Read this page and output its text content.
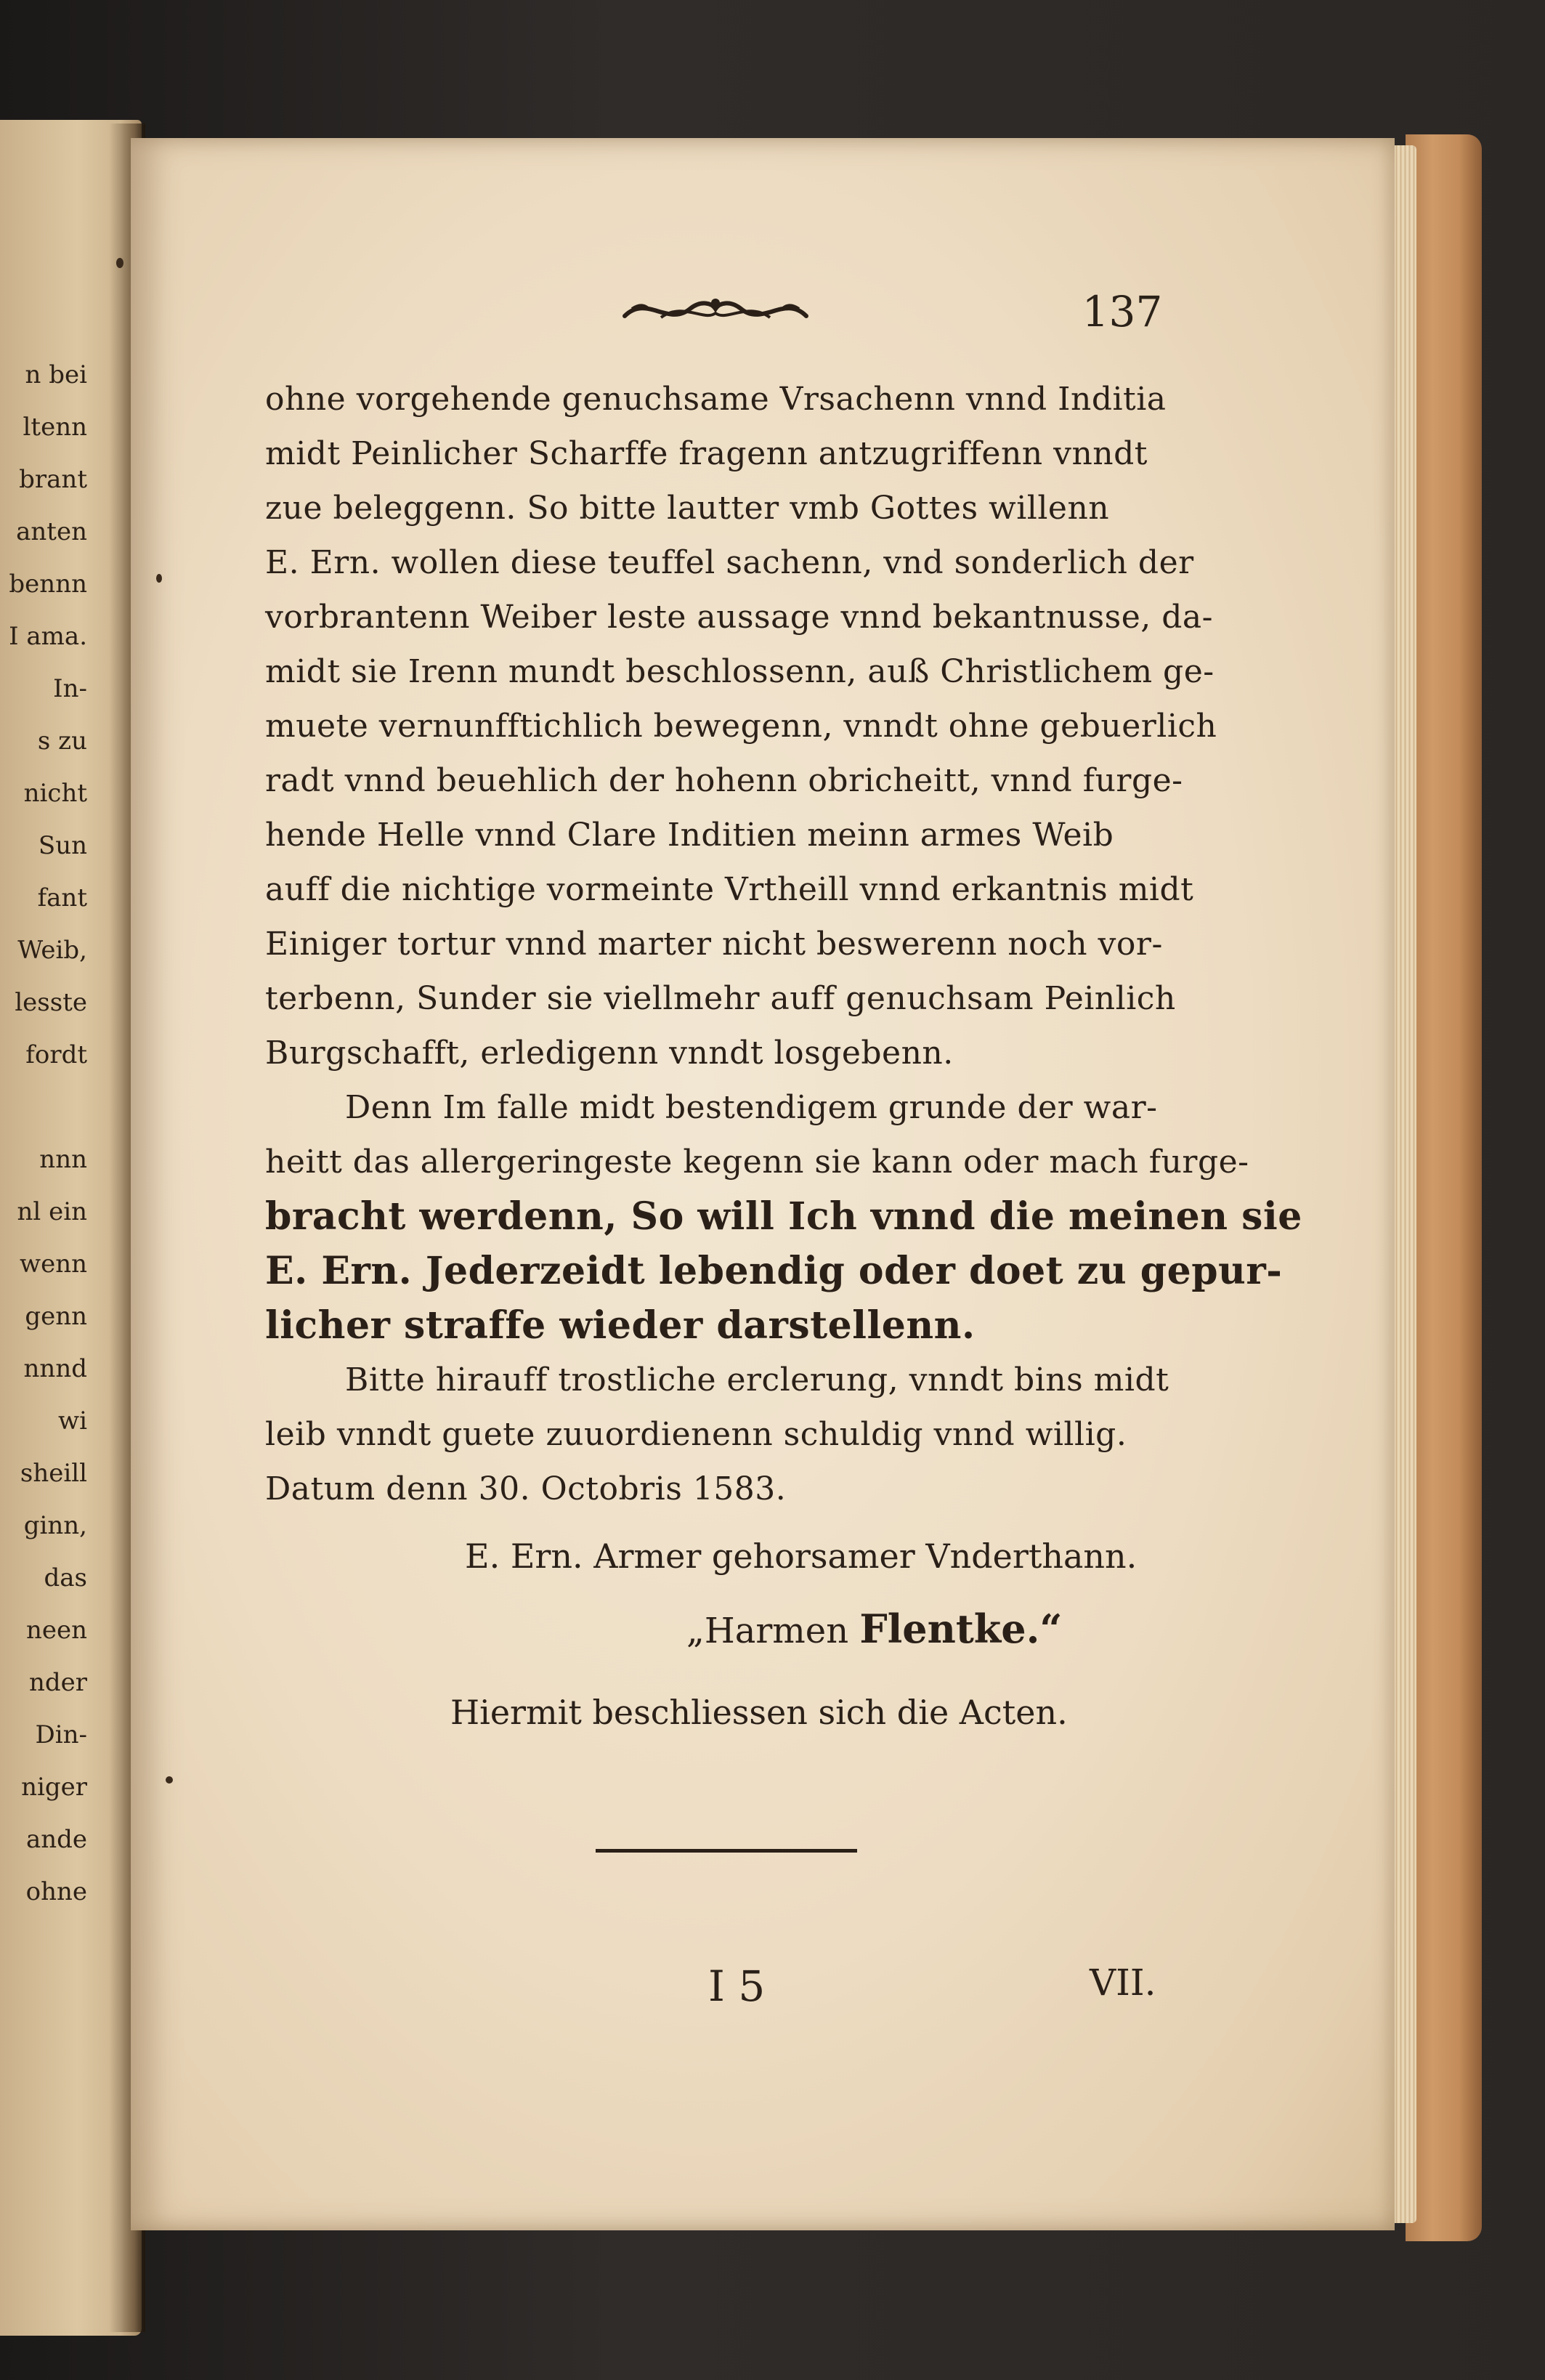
n bei
ltenn
brant
anten
bennn
I ama.
In-
s zu
nicht
Sun
fant
Weib,
lesste
fordt
nnn
nl ein
wenn
genn
nnnd
wi
sheill
ginn,
das
neen
nder
Din-
niger
ande
ohne
137
ohne vorgehende genuchsame Vrsachenn vnnd Inditia
midt Peinlicher Scharffe fragenn antzugriffenn vnndt
zue beleggenn. So bitte lautter vmb Gottes willenn
E. Ern. wollen diese teuffel sachenn, vnd sonderlich der
vorbrantenn Weiber leste aussage vnnd bekantnusse, da-
midt sie Irenn mundt beschlossenn, auß Christlichem ge-
muete vernunfftichlich bewegenn, vnndt ohne gebuerlich
radt vnnd beuehlich der hohenn obricheitt, vnnd furge-
hende Helle vnnd Clare Inditien meinn armes Weib
auff die nichtige vormeinte Vrtheill vnnd erkantnis midt
Einiger tortur vnnd marter nicht beswerenn noch vor-
terbenn, Sunder sie viellmehr auff genuchsam Peinlich
Burgschafft, erledigenn vnndt losgebenn.
Denn Im falle midt bestendigem grunde der war-
heitt das allergeringeste kegenn sie kann oder mach furge-
bracht werdenn, So will Ich vnnd die meinen sie
E. Ern. Jederzeidt lebendig oder doet zu gepur-
licher straffe wieder darstellenn.
Bitte hirauff trostliche erclerung, vnndt bins midt
leib vnndt guete zuuordienenn schuldig vnnd willig.
Datum denn 30. Octobris 1583.
E. Ern. Armer gehorsamer Vnderthann.
„Harmen Flentke.“
Hiermit beschliessen sich die Acten.
I 5	VII.
